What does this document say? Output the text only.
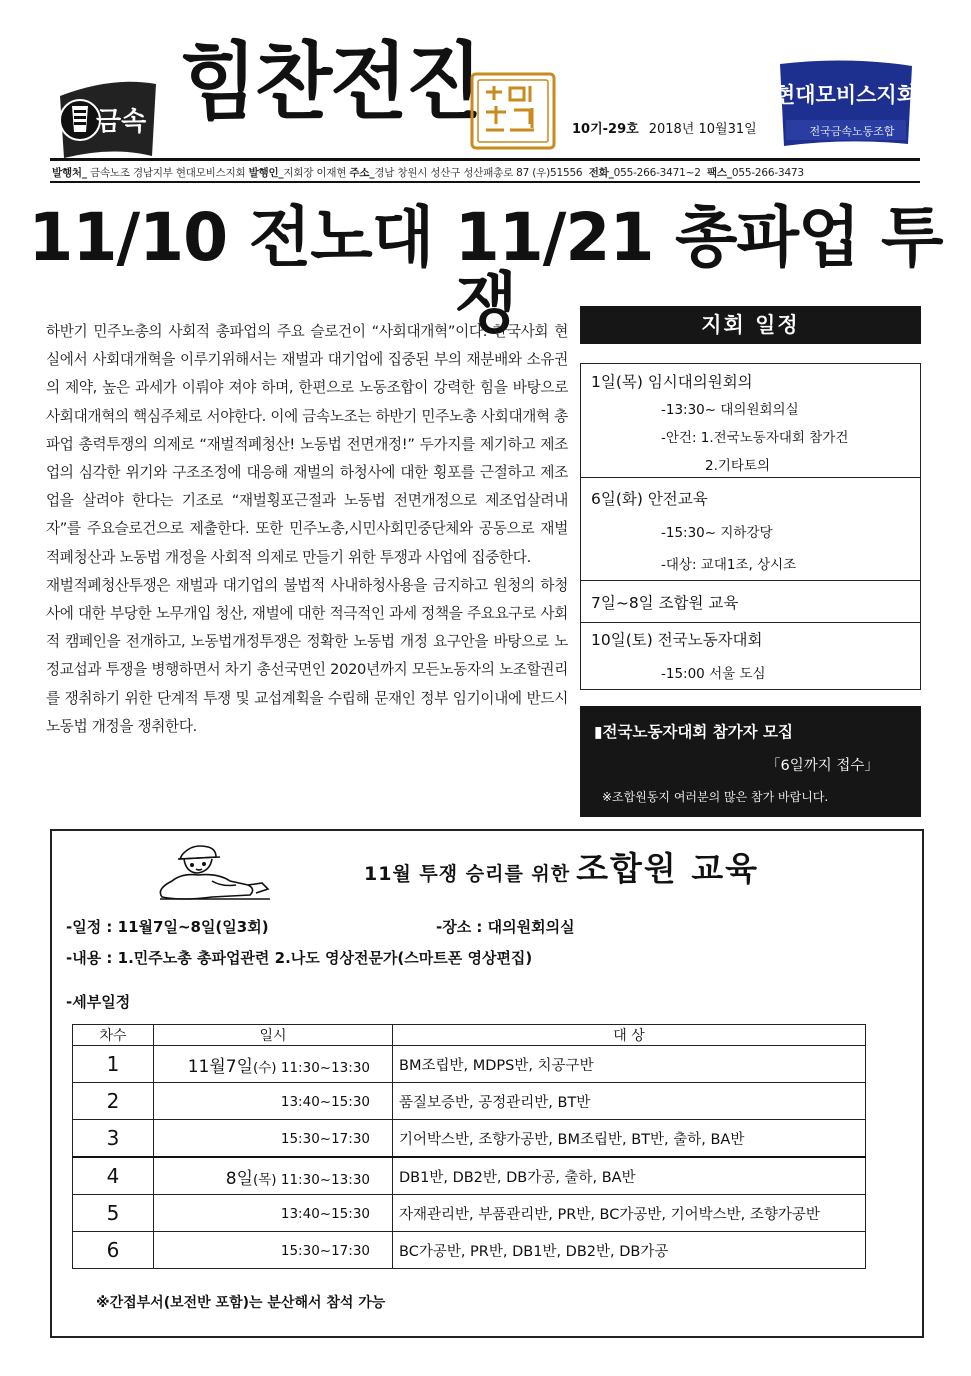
금속 힘찬전진	10기-29호 2018년 10월31일
현대모비스지회
전국금속노동조합
발행처_ 금속노조 경남지부 현대모비스지회 발행인_지회장 이재현 주소_경남 창원시 성산구 성산패총로 87 (우)51556 전화_055-266-3471~2 팩스_055-266-3473
11/10 전노대 11/21 총파업 투쟁

하반기 민주노총의 사회적 총파업의 주요 슬로건이 “사회대개혁”이다. 한국사회 현실에서 사회대개혁을 이루기위해서는 재벌과 대기업에 집중된 부의 재분배와 소유권의 제약, 높은 과세가 이뤄야 져야 하며, 한편으로 노동조합이 강력한 힘을 바탕으로 사회대개혁의 핵심주체로 서야한다. 이에 금속노조는 하반기 민주노총 사회대개혁 총파업 총력투쟁의 의제로 “재벌적폐청산! 노동법 전면개정!” 두가지를 제기하고 제조업의 심각한 위기와 구조조정에 대응해 재벌의 하청사에 대한 횡포를 근절하고 제조업을 살려야 한다는 기조로 “재벌횡포근절과 노동법 전면개정으로 제조업살려내자”를 주요슬로건으로 제출한다. 또한 민주노총,시민사회민중단체와 공동으로 재벌적폐청산과 노동법 개정을 사회적 의제로 만들기 위한 투쟁과 사업에 집중한다.

재벌적폐청산투쟁은 재벌과 대기업의 불법적 사내하청사용을 금지하고 원청의 하청사에 대한 부당한 노무개입 청산, 재벌에 대한 적극적인 과세 정책을 주요요구로 사회적 캠페인을 전개하고, 노동법개정투쟁은 정확한 노동법 개정 요구안을 바탕으로 노정교섭과 투쟁을 병행하면서 차기 총선국면인 2020년까지 모든노동자의 노조할권리를 쟁취하기 위한 단계적 투쟁 및 교섭계획을 수립해 문재인 정부 임기이내에 반드시 노동법 개정을 쟁취한다.

지회 일정
1일(목) 임시대의원회의
-13:30~ 대의원회의실
-안건: 1.전국노동자대회 참가건
2.기타토의
6일(화) 안전교육
-15:30~ 지하강당
-대상: 교대1조, 상시조
7일~8일 조합원 교육
10일(토) 전국노동자대회
-15:00 서울 도심
▮전국노동자대회 참가자 모집
「6일까지 접수」
※조합원동지 여러분의 많은 참가 바랍니다.
11월 투쟁 승리를 위한 조합원 교육
-일정 : 11월7일~8일(일3회)	-장소 : 대의원회의실
-내용 : 1.민주노총 총파업관련 2.나도 영상전문가(스마트폰 영상편집)
-세부일정
차수	일시	대 상
1	11월7일(수) 11:30~13:30	BM조립반, MDPS반, 치공구반
2	13:40~15:30	품질보증반, 공정관리반, BT반
3	15:30~17:30	기어박스반, 조향가공반, BM조립반, BT반, 출하, BA반
4	8일(목) 11:30~13:30	DB1반, DB2반, DB가공, 출하, BA반
5	13:40~15:30	자재관리반, 부품관리반, PR반, BC가공반, 기어박스반, 조향가공반
6	15:30~17:30	BC가공반, PR반, DB1반, DB2반, DB가공
※간접부서(보전반 포함)는 분산해서 참석 가능
